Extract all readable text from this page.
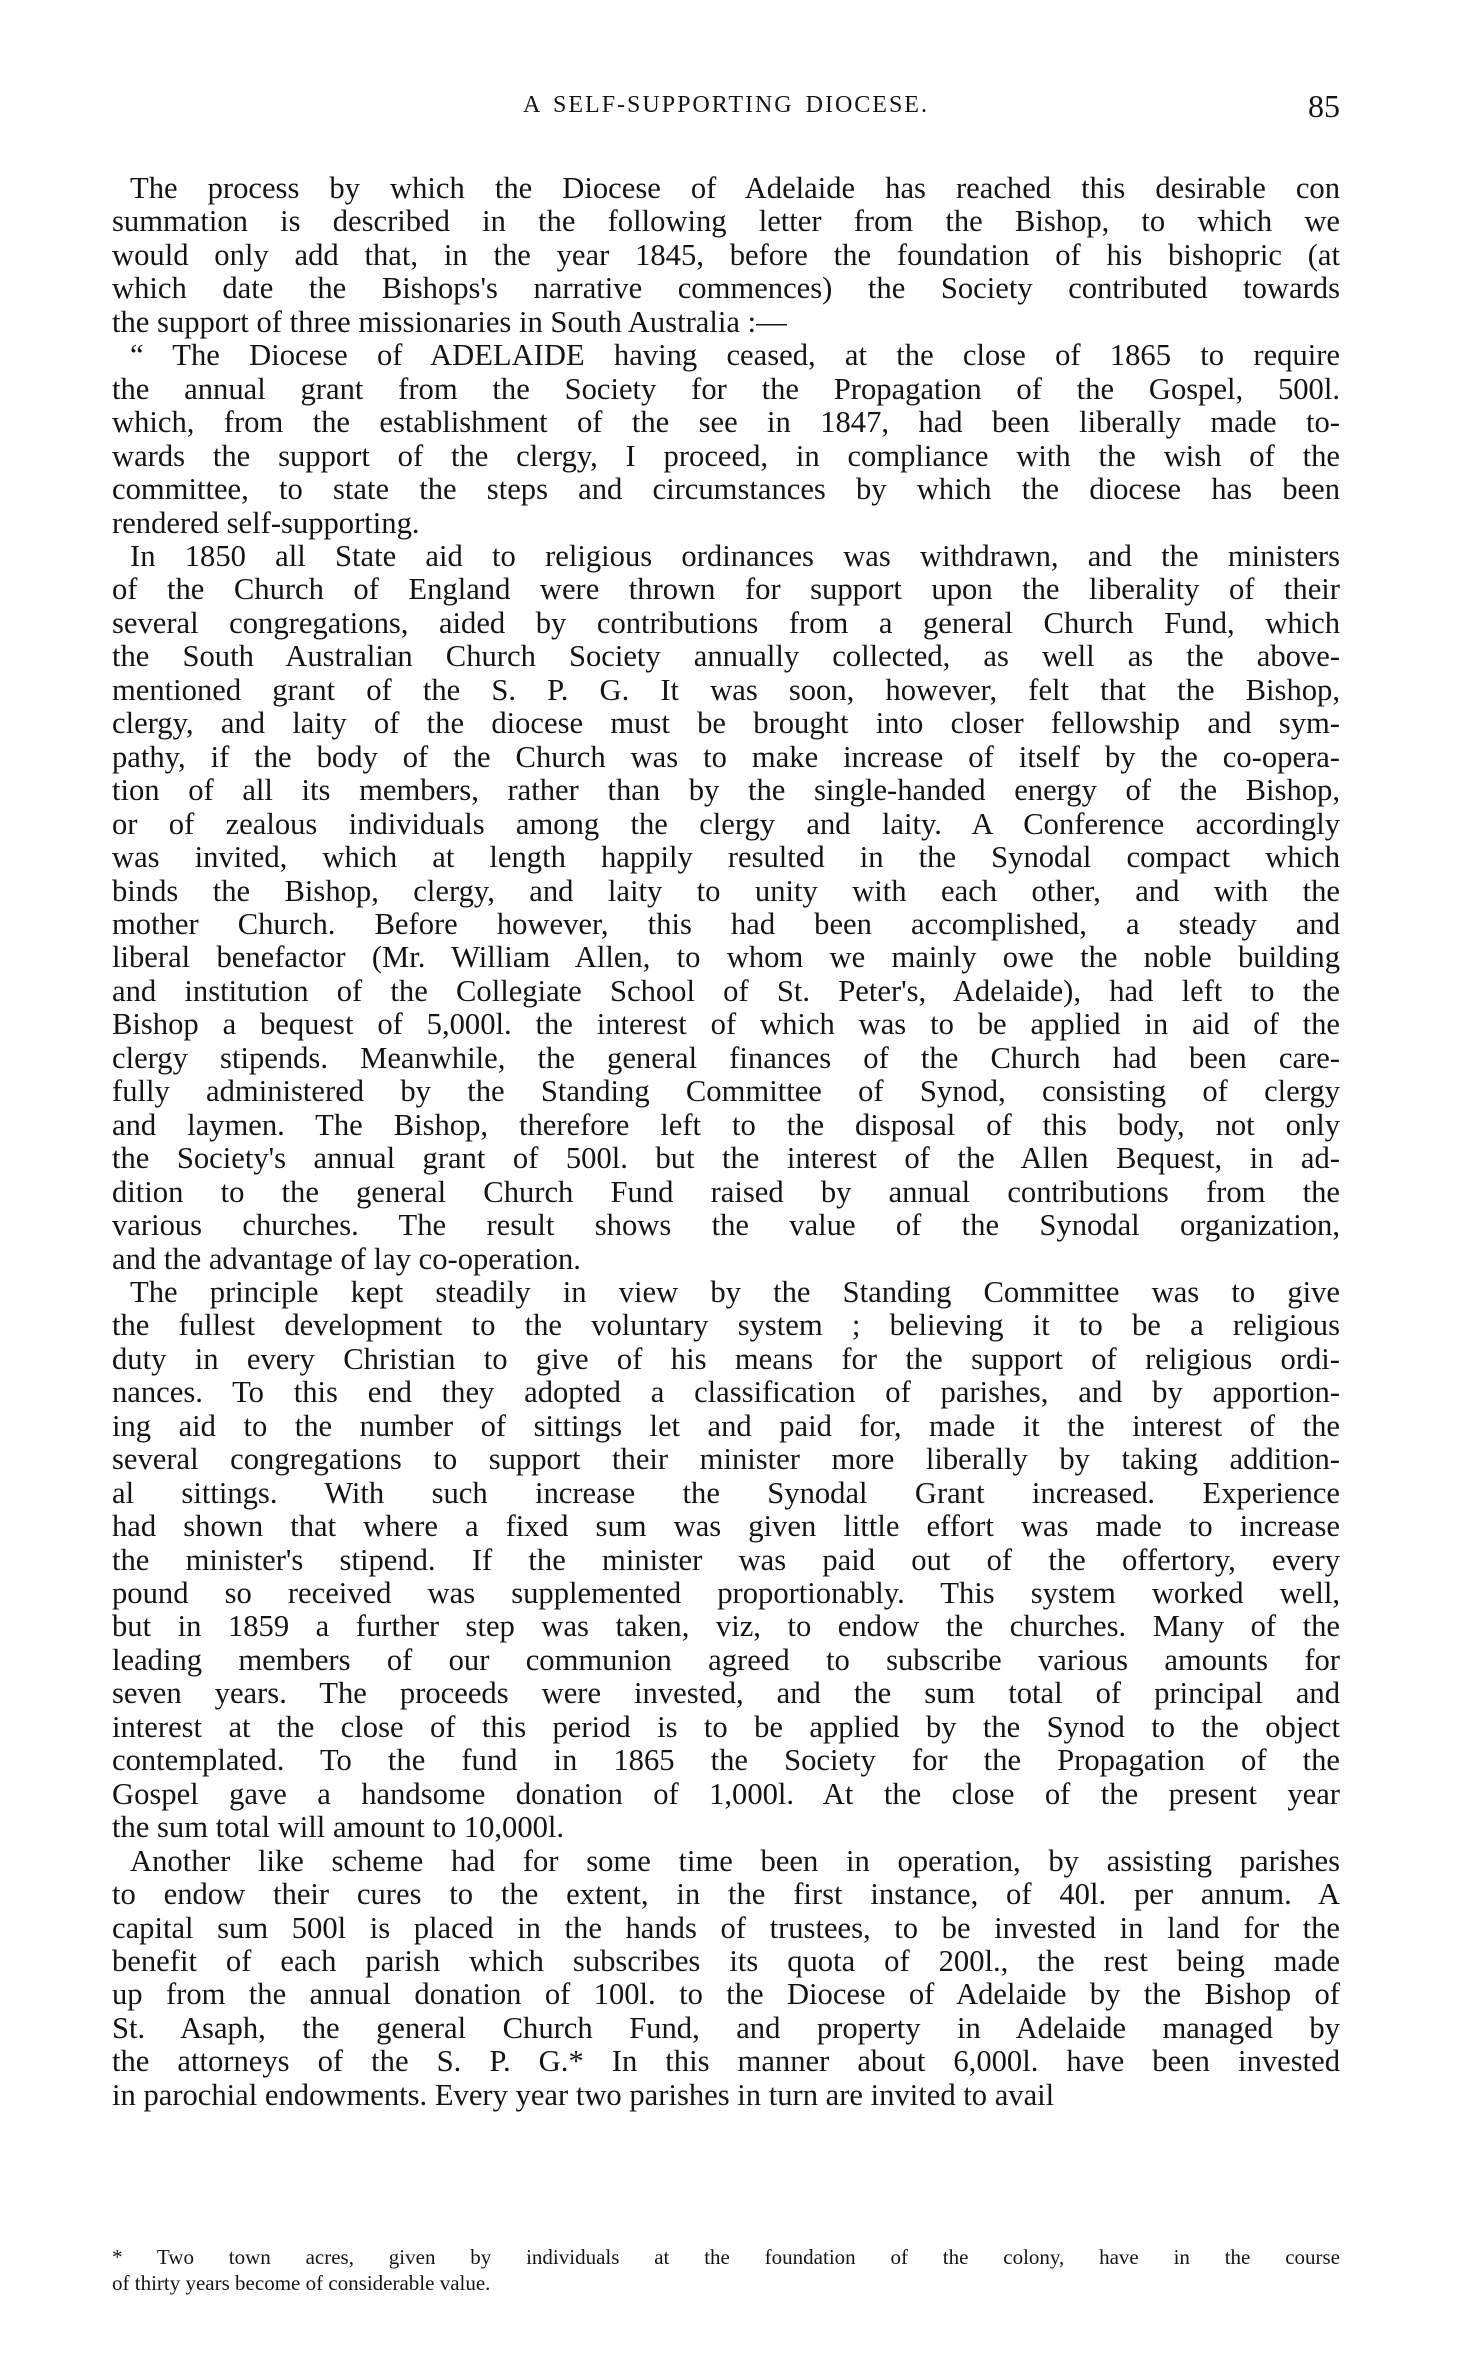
A SELF-SUPPORTING DIOCESE.	85
The process by which the Diocese of Adelaide has reached this desirable con
summation is described in the following letter from the Bishop, to which we
would only add that, in the year 1845, before the foundation of his bishopric (at
which date the Bishops's narrative commences) the Society contributed towards
the support of three missionaries in South Australia :—
“ The Diocese of ADELAIDE having ceased, at the close of 1865 to require
the annual grant from the Society for the Propagation of the Gospel, 500l.
which, from the establishment of the see in 1847, had been liberally made to-
wards the support of the clergy, I proceed, in compliance with the wish of the
committee, to state the steps and circumstances by which the diocese has been
rendered self-supporting.
In 1850 all State aid to religious ordinances was withdrawn, and the ministers
of the Church of England were thrown for support upon the liberality of their
several congregations, aided by contributions from a general Church Fund, which
the South Australian Church Society annually collected, as well as the above-
mentioned grant of the S. P. G. It was soon, however, felt that the Bishop,
clergy, and laity of the diocese must be brought into closer fellowship and sym-
pathy, if the body of the Church was to make increase of itself by the co-opera-
tion of all its members, rather than by the single-handed energy of the Bishop,
or of zealous individuals among the clergy and laity. A Conference accordingly
was invited, which at length happily resulted in the Synodal compact which
binds the Bishop, clergy, and laity to unity with each other, and with the
mother Church. Before however, this had been accomplished, a steady and
liberal benefactor (Mr. William Allen, to whom we mainly owe the noble building
and institution of the Collegiate School of St. Peter's, Adelaide), had left to the
Bishop a bequest of 5,000l. the interest of which was to be applied in aid of the
clergy stipends. Meanwhile, the general finances of the Church had been care-
fully administered by the Standing Committee of Synod, consisting of clergy
and laymen. The Bishop, therefore left to the disposal of this body, not only
the Society's annual grant of 500l. but the interest of the Allen Bequest, in ad-
dition to the general Church Fund raised by annual contributions from the
various churches. The result shows the value of the Synodal organization,
and the advantage of lay co-operation.
The principle kept steadily in view by the Standing Committee was to give
the fullest development to the voluntary system ; believing it to be a religious
duty in every Christian to give of his means for the support of religious ordi-
nances. To this end they adopted a classification of parishes, and by apportion-
ing aid to the number of sittings let and paid for, made it the interest of the
several congregations to support their minister more liberally by taking addition-
al sittings. With such increase the Synodal Grant increased. Experience
had shown that where a fixed sum was given little effort was made to increase
the minister's stipend. If the minister was paid out of the offertory, every
pound so received was supplemented proportionably. This system worked well,
but in 1859 a further step was taken, viz, to endow the churches. Many of the
leading members of our communion agreed to subscribe various amounts for
seven years. The proceeds were invested, and the sum total of principal and
interest at the close of this period is to be applied by the Synod to the object
contemplated. To the fund in 1865 the Society for the Propagation of the
Gospel gave a handsome donation of 1,000l. At the close of the present year
the sum total will amount to 10,000l.
Another like scheme had for some time been in operation, by assisting parishes
to endow their cures to the extent, in the first instance, of 40l. per annum. A
capital sum 500l is placed in the hands of trustees, to be invested in land for the
benefit of each parish which subscribes its quota of 200l., the rest being made
up from the annual donation of 100l. to the Diocese of Adelaide by the Bishop of
St. Asaph, the general Church Fund, and property in Adelaide managed by
the attorneys of the S. P. G.* In this manner about 6,000l. have been invested
in parochial endowments. Every year two parishes in turn are invited to avail
* Two town acres, given by individuals at the foundation of the colony, have in the course
of thirty years become of considerable value.
